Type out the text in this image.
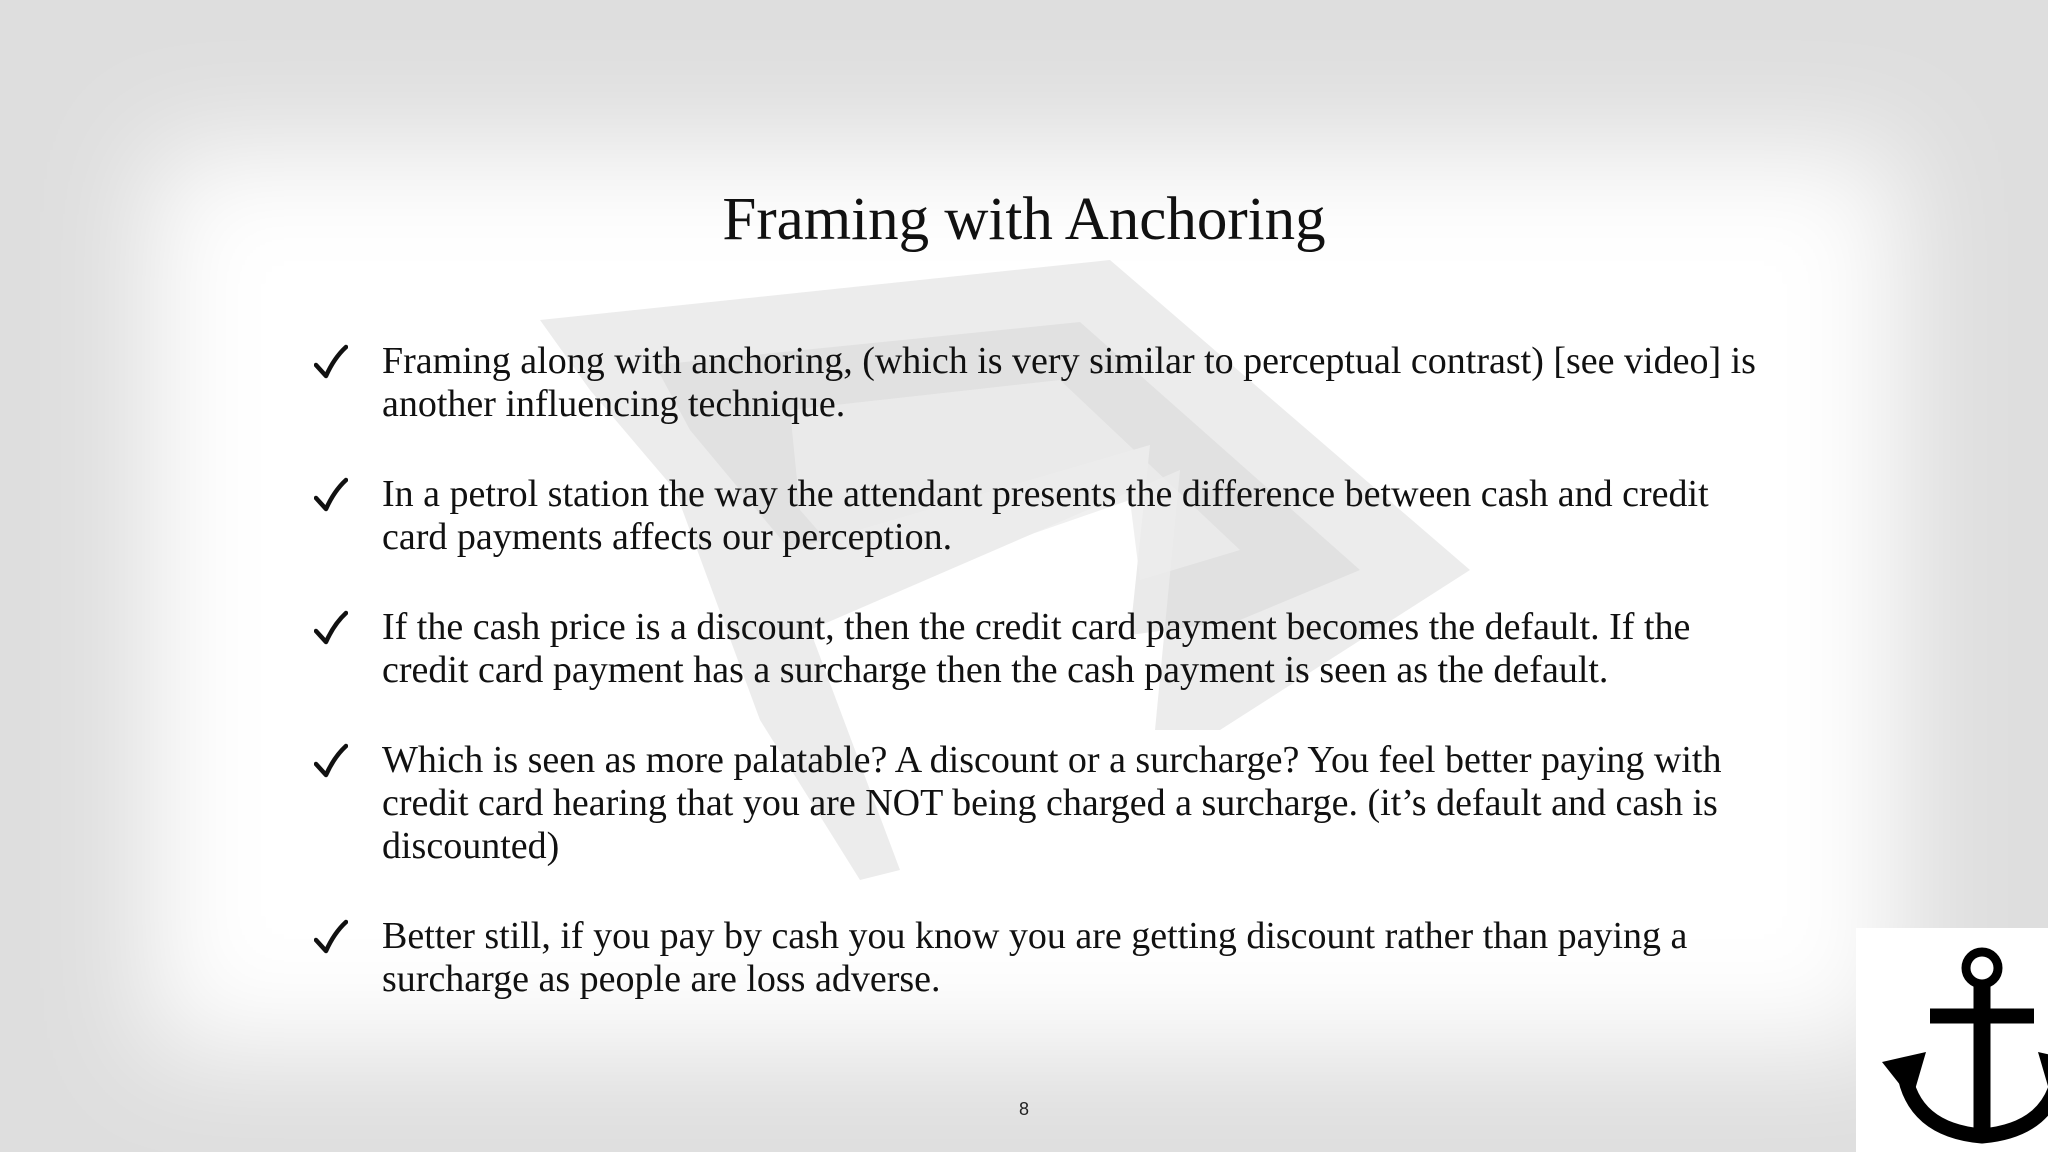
Framing with Anchoring
Framing along with anchoring, (which is very similar to perceptual contrast) [see video] is another influencing technique.
In a petrol station the way the attendant presents the difference between cash and credit card payments affects our perception.
If the cash price is a discount, then the credit card payment becomes the default. If the credit card payment has a surcharge then the cash payment is seen as the default.
Which is seen as more palatable? A discount or a surcharge? You feel better paying with credit card hearing that you are NOT being charged a surcharge. (it’s default and cash is discounted)
Better still, if you pay by cash you know you are getting discount rather than paying a surcharge as people are loss adverse.
8
